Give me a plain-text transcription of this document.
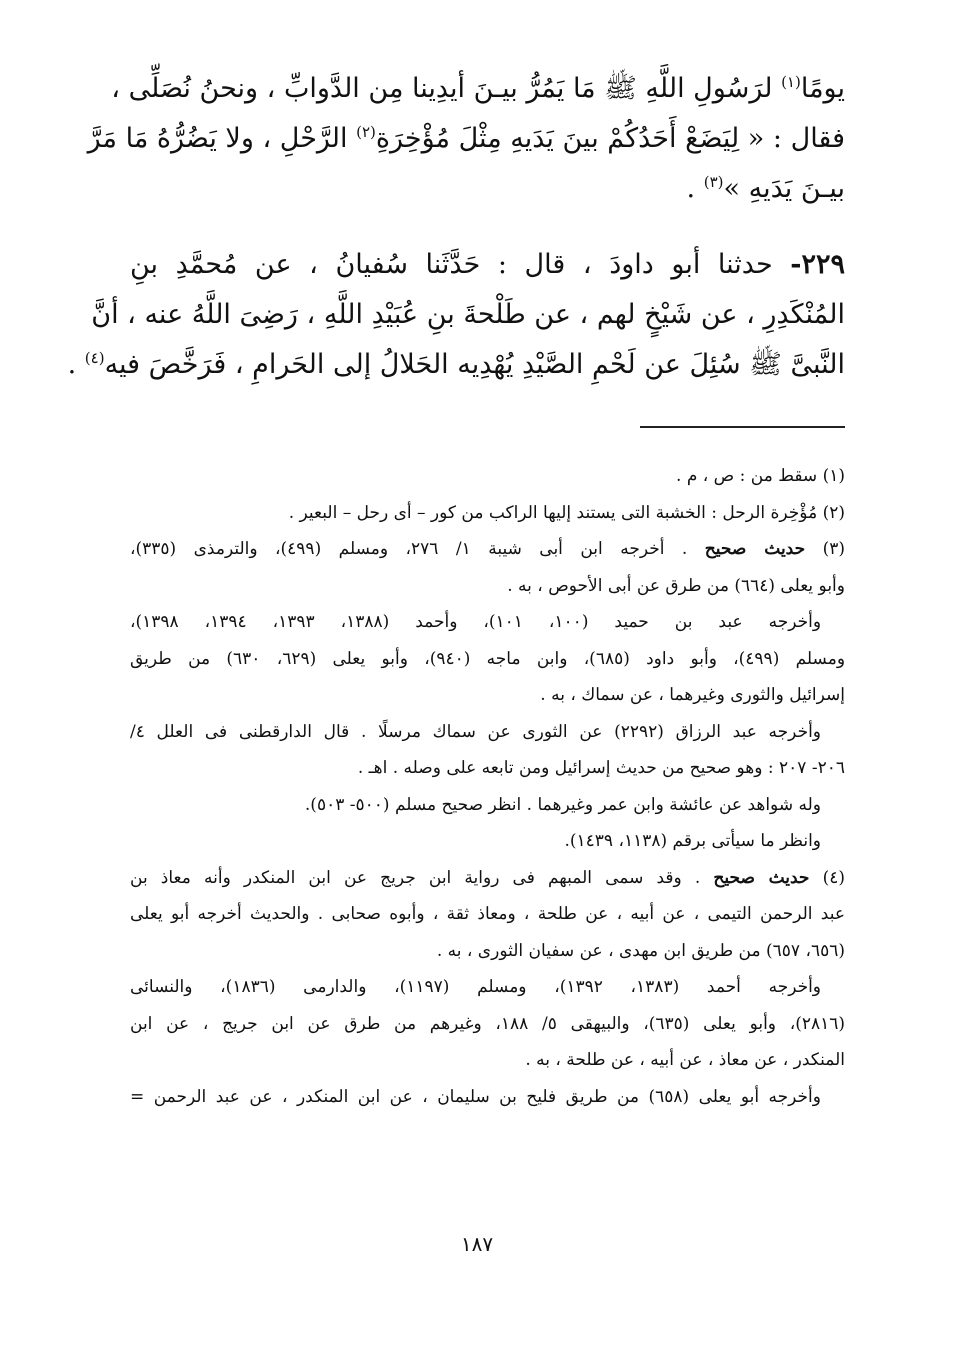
يومًا$^{(١)}$ لرَسُولِ اللَّهِ ﷺ مَا يَمُرُّ بيـنَ أيدِينا مِن الدَّوابِّ ، ونحنُ نُصَلِّى ،
فقال : « لِيَضَعْ أَحَدُكُمْ بينَ يَدَيهِ مِثْلَ مُؤْخِرَةِ$^{(٢)}$ الرَّحْلِ ، ولا يَضُرُّهُ مَا مَرَّ
بيـنَ يَدَيهِ »$^{(٣)}$ .
٢٢٩- حدثنا أبو داودَ ، قال : حَدَّثَنا سُفيانُ ، عن مُحمَّدِ بنِ
المُنْكَدِرِ ، عن شَيْخٍ لهم ، عن طَلْحةَ بنِ عُبَيْدِ اللَّهِ ، رَضِىَ اللَّهُ عنه ، أنَّ
النَّبىَّ ﷺ سُئِلَ عن لَحْمِ الصَّيْدِ يُهْدِيه الحَلالُ إلى الحَرامِ ، فَرَخَّصَ فيه$^{(٤)}$ .
(١) سقط من : ص ، م .
(٢) مُؤْخِرة الرحل : الخشبة التى يستند إليها الراكب من كور – أى رحل – البعير .
(٣) حديث صحيح . أخرجه ابن أبى شيبة ١/ ٢٧٦، ومسلم (٤٩٩)، والترمذى (٣٣٥)،
وأبو يعلى (٦٦٤) من طرق عن أبى الأحوص ، به .
وأخرجه عبد بن حميد (١٠٠، ١٠١)، وأحمد (١٣٨٨، ١٣٩٣، ١٣٩٤، ١٣٩٨)،
ومسلم (٤٩٩)، وأبو داود (٦٨٥)، وابن ماجه (٩٤٠)، وأبو يعلى (٦٢٩، ٦٣٠) من طريق
إسرائيل والثورى وغيرهما ، عن سماك ، به .
وأخرجه عبد الرزاق (٢٢٩٢) عن الثورى عن سماك مرسلًا . قال الدارقطنى فى العلل ٤/
٢٠٦- ٢٠٧ : وهو صحيح من حديث إسرائيل ومن تابعه على وصله . اهـ .
وله شواهد عن عائشة وابن عمر وغيرهما . انظر صحيح مسلم (٥٠٠- ٥٠٣).
وانظر ما سيأتى برقم (١١٣٨، ١٤٣٩).
(٤) حديث صحيح . وقد سمى المبهم فى رواية ابن جريج عن ابن المنكدر وأنه معاذ بن
عبد الرحمن التيمى ، عن أبيه ، عن طلحة ، ومعاذ ثقة ، وأبوه صحابى . والحديث أخرجه أبو يعلى
(٦٥٦، ٦٥٧) من طريق ابن مهدى ، عن سفيان الثورى ، به .
وأخرجه أحمد (١٣٨٣، ١٣٩٢)، ومسلم (١١٩٧)، والدارمى (١٨٣٦)، والنسائى
(٢٨١٦)، وأبو يعلى (٦٣٥)، والبيهقى ٥/ ١٨٨، وغيرهم من طرق عن ابن جريج ، عن ابن
المنكدر ، عن معاذ ، عن أبيه ، عن طلحة ، به .
وأخرجه أبو يعلى (٦٥٨) من طريق فليح بن سليمان ، عن ابن المنكدر ، عن عبد الرحمن =
١٨٧
